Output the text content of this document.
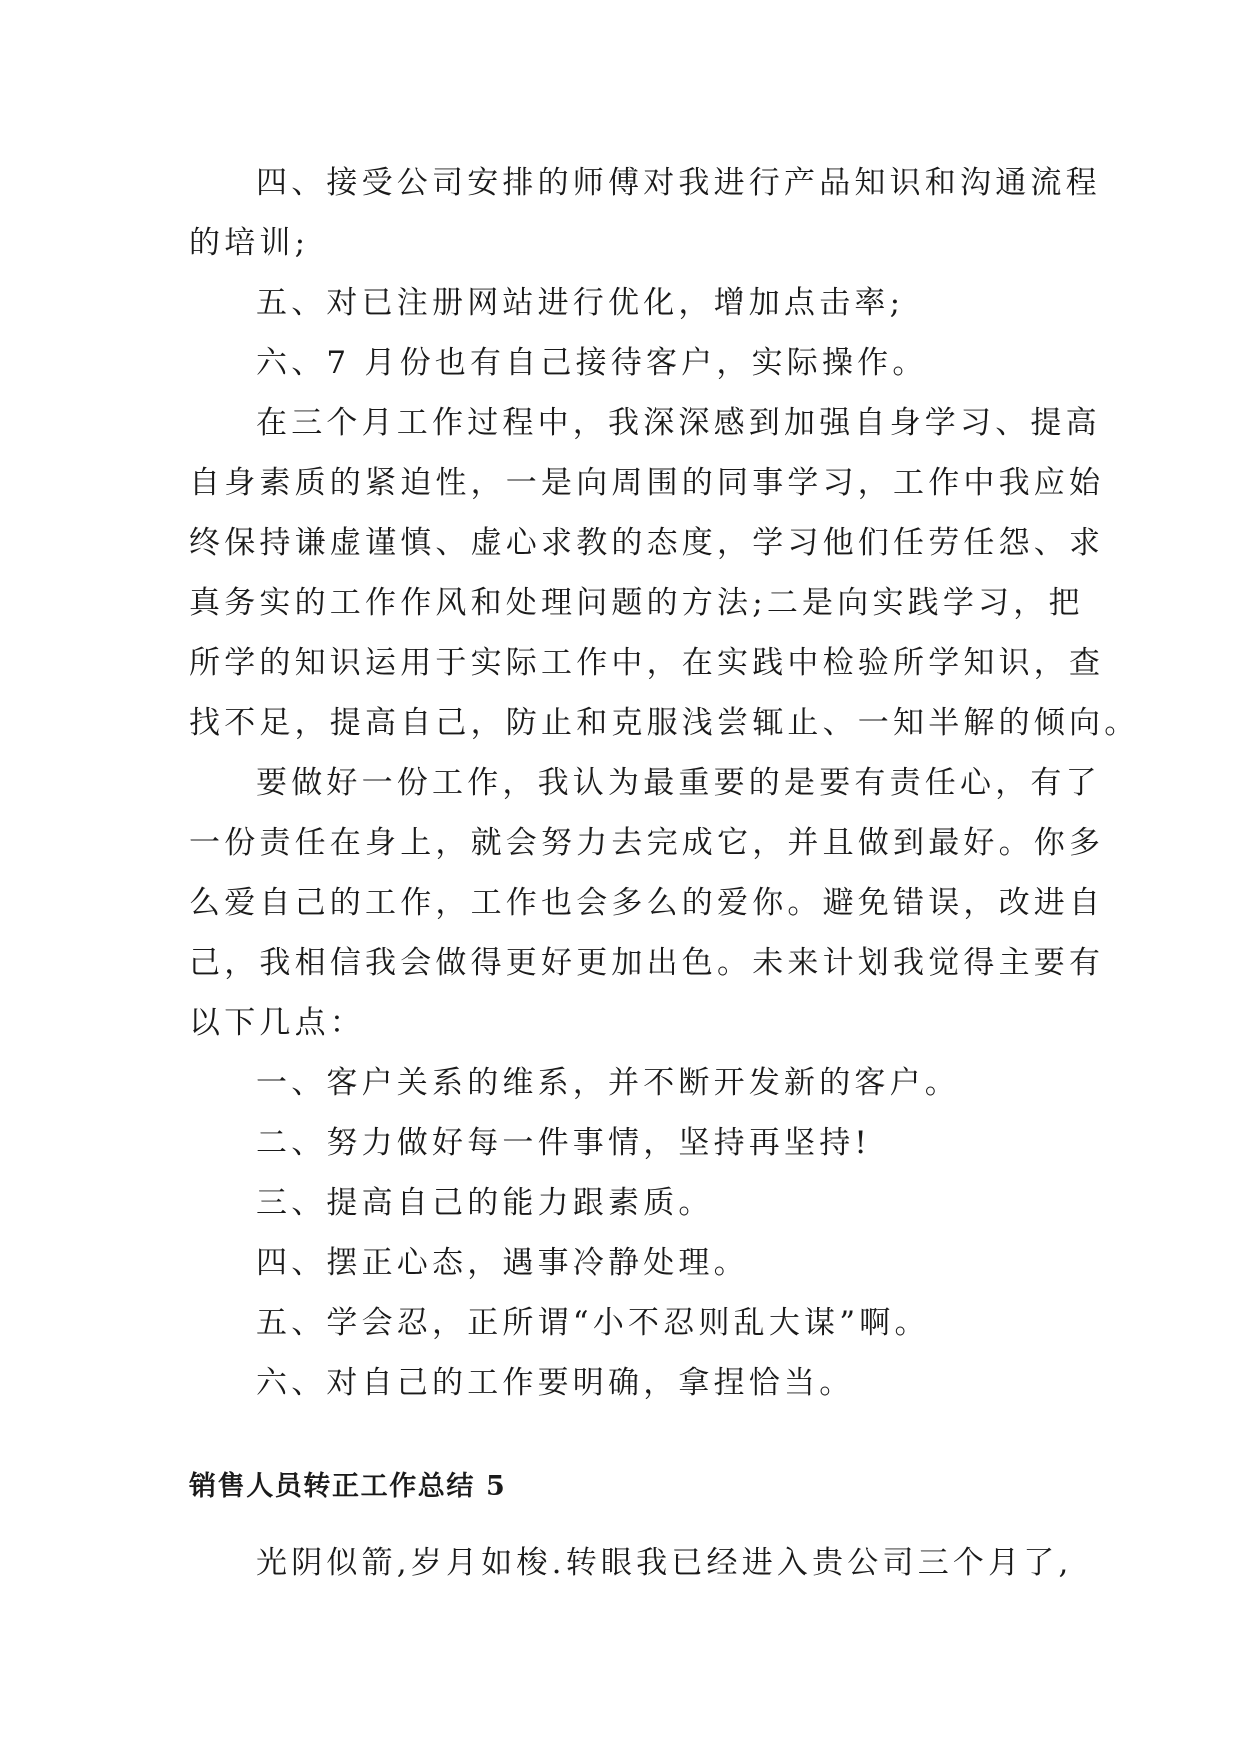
四、接受公司安排的师傅对我进行产品知识和沟通流程

的培训;

五、对已注册网站进行优化，增加点击率;

六、7 月份也有自己接待客户，实际操作。

在三个月工作过程中，我深深感到加强自身学习、提高

自身素质的紧迫性，一是向周围的同事学习，工作中我应始

终保持谦虚谨慎、虚心求教的态度，学习他们任劳任怨、求

真务实的工作作风和处理问题的方法;二是向实践学习，把

所学的知识运用于实际工作中，在实践中检验所学知识，查

找不足，提高自己，防止和克服浅尝辄止、一知半解的倾向。

要做好一份工作，我认为最重要的是要有责任心，有了

一份责任在身上，就会努力去完成它，并且做到最好。你多

么爱自己的工作，工作也会多么的爱你。避免错误，改进自

己，我相信我会做得更好更加出色。未来计划我觉得主要有

以下几点：

一、客户关系的维系，并不断开发新的客户。

二、努力做好每一件事情，坚持再坚持!

三、提高自己的能力跟素质。

四、摆正心态，遇事冷静处理。

五、学会忍，正所谓“小不忍则乱大谋”啊。

六、对自己的工作要明确，拿捏恰当。

销售人员转正工作总结 5

光阴似箭,岁月如梭.转眼我已经进入贵公司三个月了,
